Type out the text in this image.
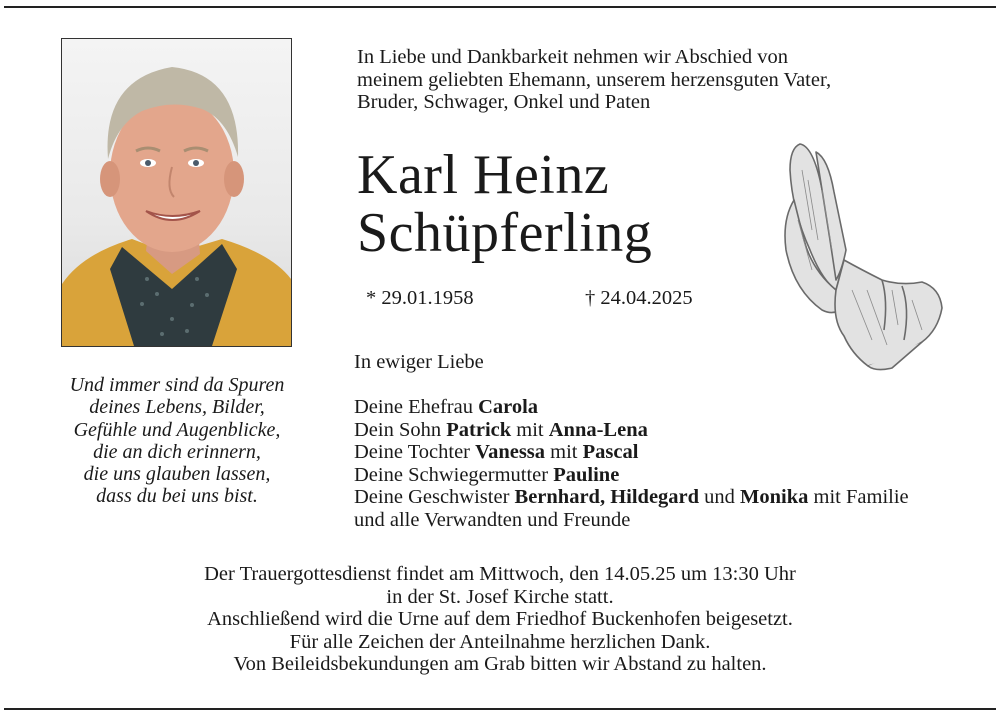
In Liebe und Dankbarkeit nehmen wir Abschied von
meinem geliebten Ehemann, unserem herzensguten Vater,
Bruder, Schwager, Onkel und Paten
Karl Heinz
Schüpferling
* 29.01.1958	† 24.04.2025
Und immer sind da Spuren
deines Lebens, Bilder,
Gefühle und Augenblicke,
die an dich erinnern,
die uns glauben lassen,
dass du bei uns bist.
In ewiger Liebe
Deine Ehefrau Carola
Dein Sohn Patrick mit Anna-Lena
Deine Tochter Vanessa mit Pascal
Deine Schwiegermutter Pauline
Deine Geschwister Bernhard, Hildegard und Monika mit Familie
und alle Verwandten und Freunde
Der Trauergottesdienst findet am Mittwoch, den 14.05.25 um 13:30 Uhr
in der St. Josef Kirche statt.
Anschließend wird die Urne auf dem Friedhof Buckenhofen beigesetzt.
Für alle Zeichen der Anteilnahme herzlichen Dank.
Von Beileidsbekundungen am Grab bitten wir Abstand zu halten.
